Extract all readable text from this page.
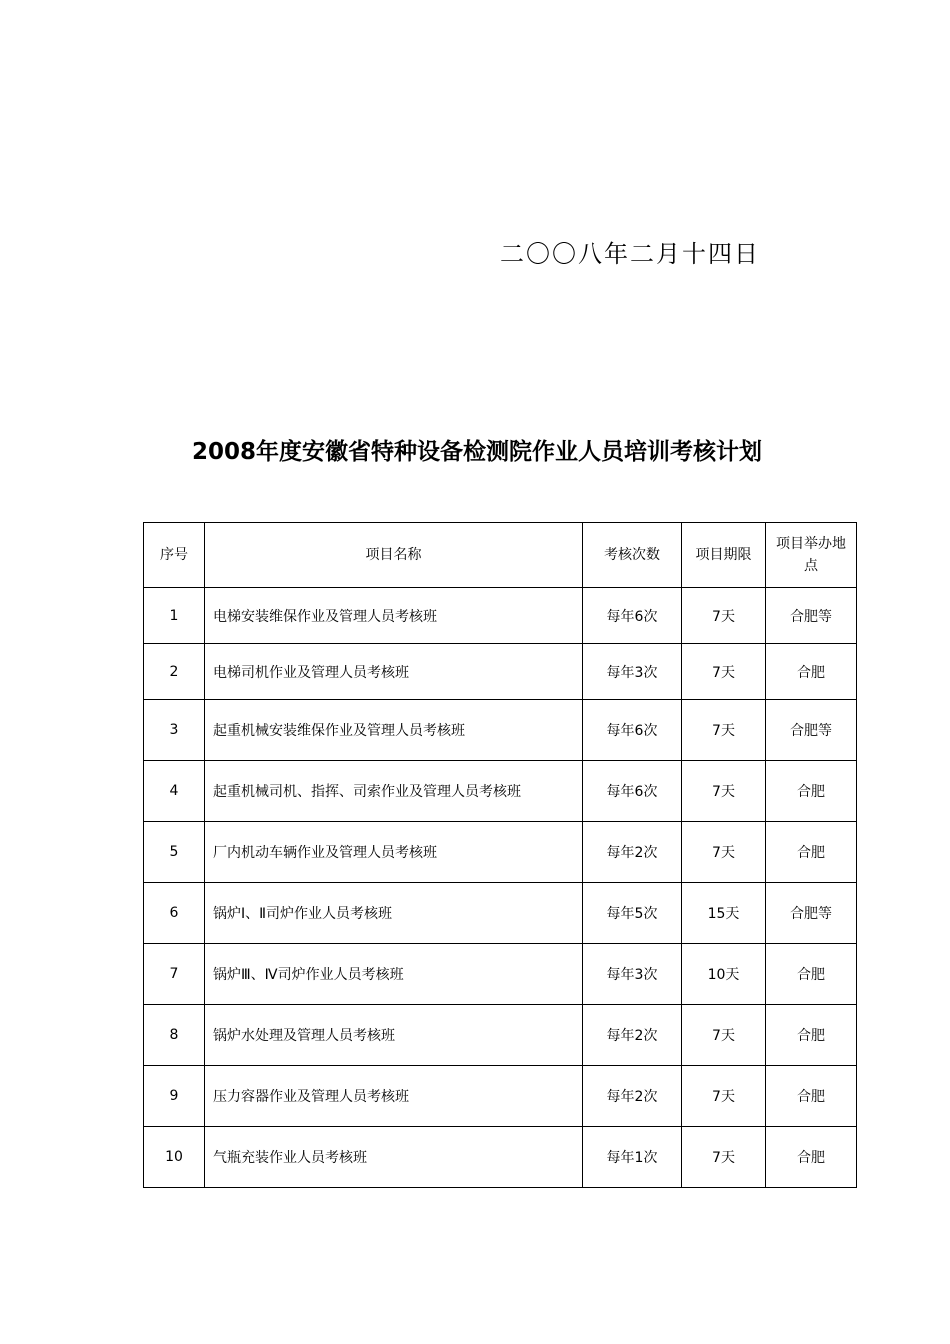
二〇〇八年二月十四日
2008年度安徽省特种设备检测院作业人员培训考核计划
序号	项目名称	考核次数	项目期限	项目举办地点
1	电梯安装维保作业及管理人员考核班	每年6次	7天	合肥等
2	电梯司机作业及管理人员考核班	每年3次	7天	合肥
3	起重机械安装维保作业及管理人员考核班	每年6次	7天	合肥等
4	起重机械司机、指挥、司索作业及管理人员考核班	每年6次	7天	合肥
5	厂内机动车辆作业及管理人员考核班	每年2次	7天	合肥
6	锅炉Ⅰ、Ⅱ司炉作业人员考核班	每年5次	15天	合肥等
7	锅炉Ⅲ、Ⅳ司炉作业人员考核班	每年3次	10天	合肥
8	锅炉水处理及管理人员考核班	每年2次	7天	合肥
9	压力容器作业及管理人员考核班	每年2次	7天	合肥
10	气瓶充装作业人员考核班	每年1次	7天	合肥
